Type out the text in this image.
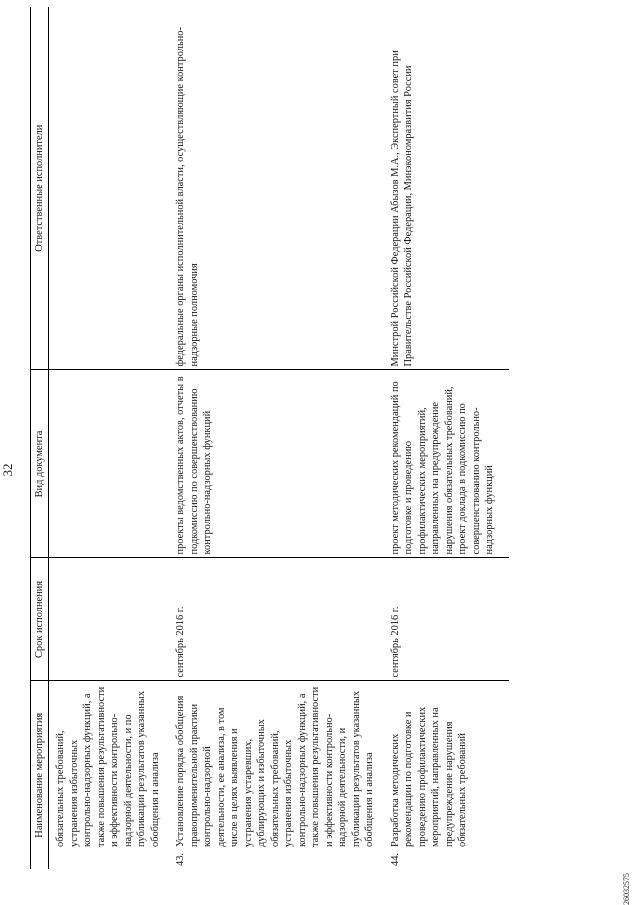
32
Наименование мероприятия		Срок исполнения	Вид документа	Ответственные исполнители
	обязательных требований, устранения избыточных контрольно-надзорных функций, а также повышения результативности и эффективности контрольно-надзорной деятельности, и по публикации результатов указанных обобщения и анализа			
43.	Установление порядка обобщения правоприменительной практики контрольно-надзорной деятельности, ее анализа, в том числе в целях выявления и устранения устаревших, дублирующих и избыточных обязательных требований, устранения избыточных контрольно-надзорных функций, а также повышения результативности и эффективности контрольно-надзорной деятельности, и публикации результатов указанных обобщения и анализа	сентябрь 2016 г.	проекты ведомственных актов, отчеты в подкомиссию по совершенствованию контрольно-надзорных функций	федеральные органы исполнительной власти, осуществляющие контрольно-надзорные полномочия
44.	Разработка методических рекомендации по подготовке и проведению профилактических мероприятий, направленных на предупреждение нарушения обязательных требований	сентябрь 2016 г.	проект методических рекомендаций по подготовке и проведению профилактических мероприятий, направленных на предупреждение нарушения обязательных требований, проект доклада в подкомиссию по совершенствованию контрольно-надзорных функций	Минстрой Российской Федерации Абызов М.А., Экспертный совет при Правительстве Российской Федерации, Минэкономразвития России
26032575
